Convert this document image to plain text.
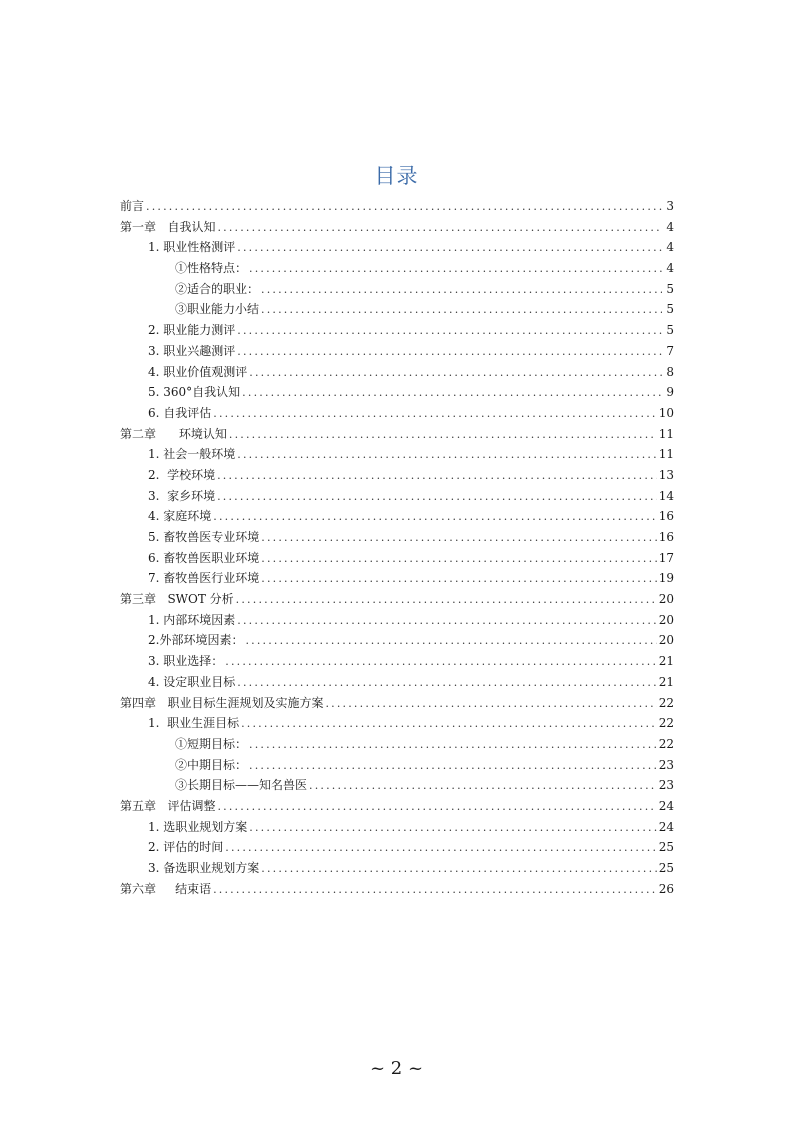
目录
前言 .....	3
第一章   自我认知 .....	4
1. 职业性格测评 .....	4
①性格特点： .....	4
②适合的职业： .....	5
③职业能力小结 .....	5
2. 职业能力测评 .....	5
3. 职业兴趣测评 .....	7
4. 职业价值观测评 .....	8
5. 360°自我认知 .....	9
6. 自我评估 .....	10
第二章      环境认知 .....	11
1. 社会一般环境 .....	11
2.  学校环境 .....	13
3.  家乡环境 .....	14
4. 家庭环境 .....	16
5. 畜牧兽医专业环境 .....	16
6. 畜牧兽医职业环境 .....	17
7. 畜牧兽医行业环境 .....	19
第三章   SWOT 分析 .....	20
1. 内部环境因素 .....	20
2.外部环境因素： .....	20
3. 职业选择： .....	21
4. 设定职业目标 .....	21
第四章   职业目标生涯规划及实施方案 .....	22
1.  职业生涯目标 .....	22
①短期目标： .....	22
②中期目标： .....	23
③长期目标——知名兽医 .....	23
第五章   评估调整 .....	24
1. 选职业规划方案 .....	24
2. 评估的时间 .....	25
3. 备选职业规划方案 .....	25
第六章     结束语 .....	26
~ 2 ~
